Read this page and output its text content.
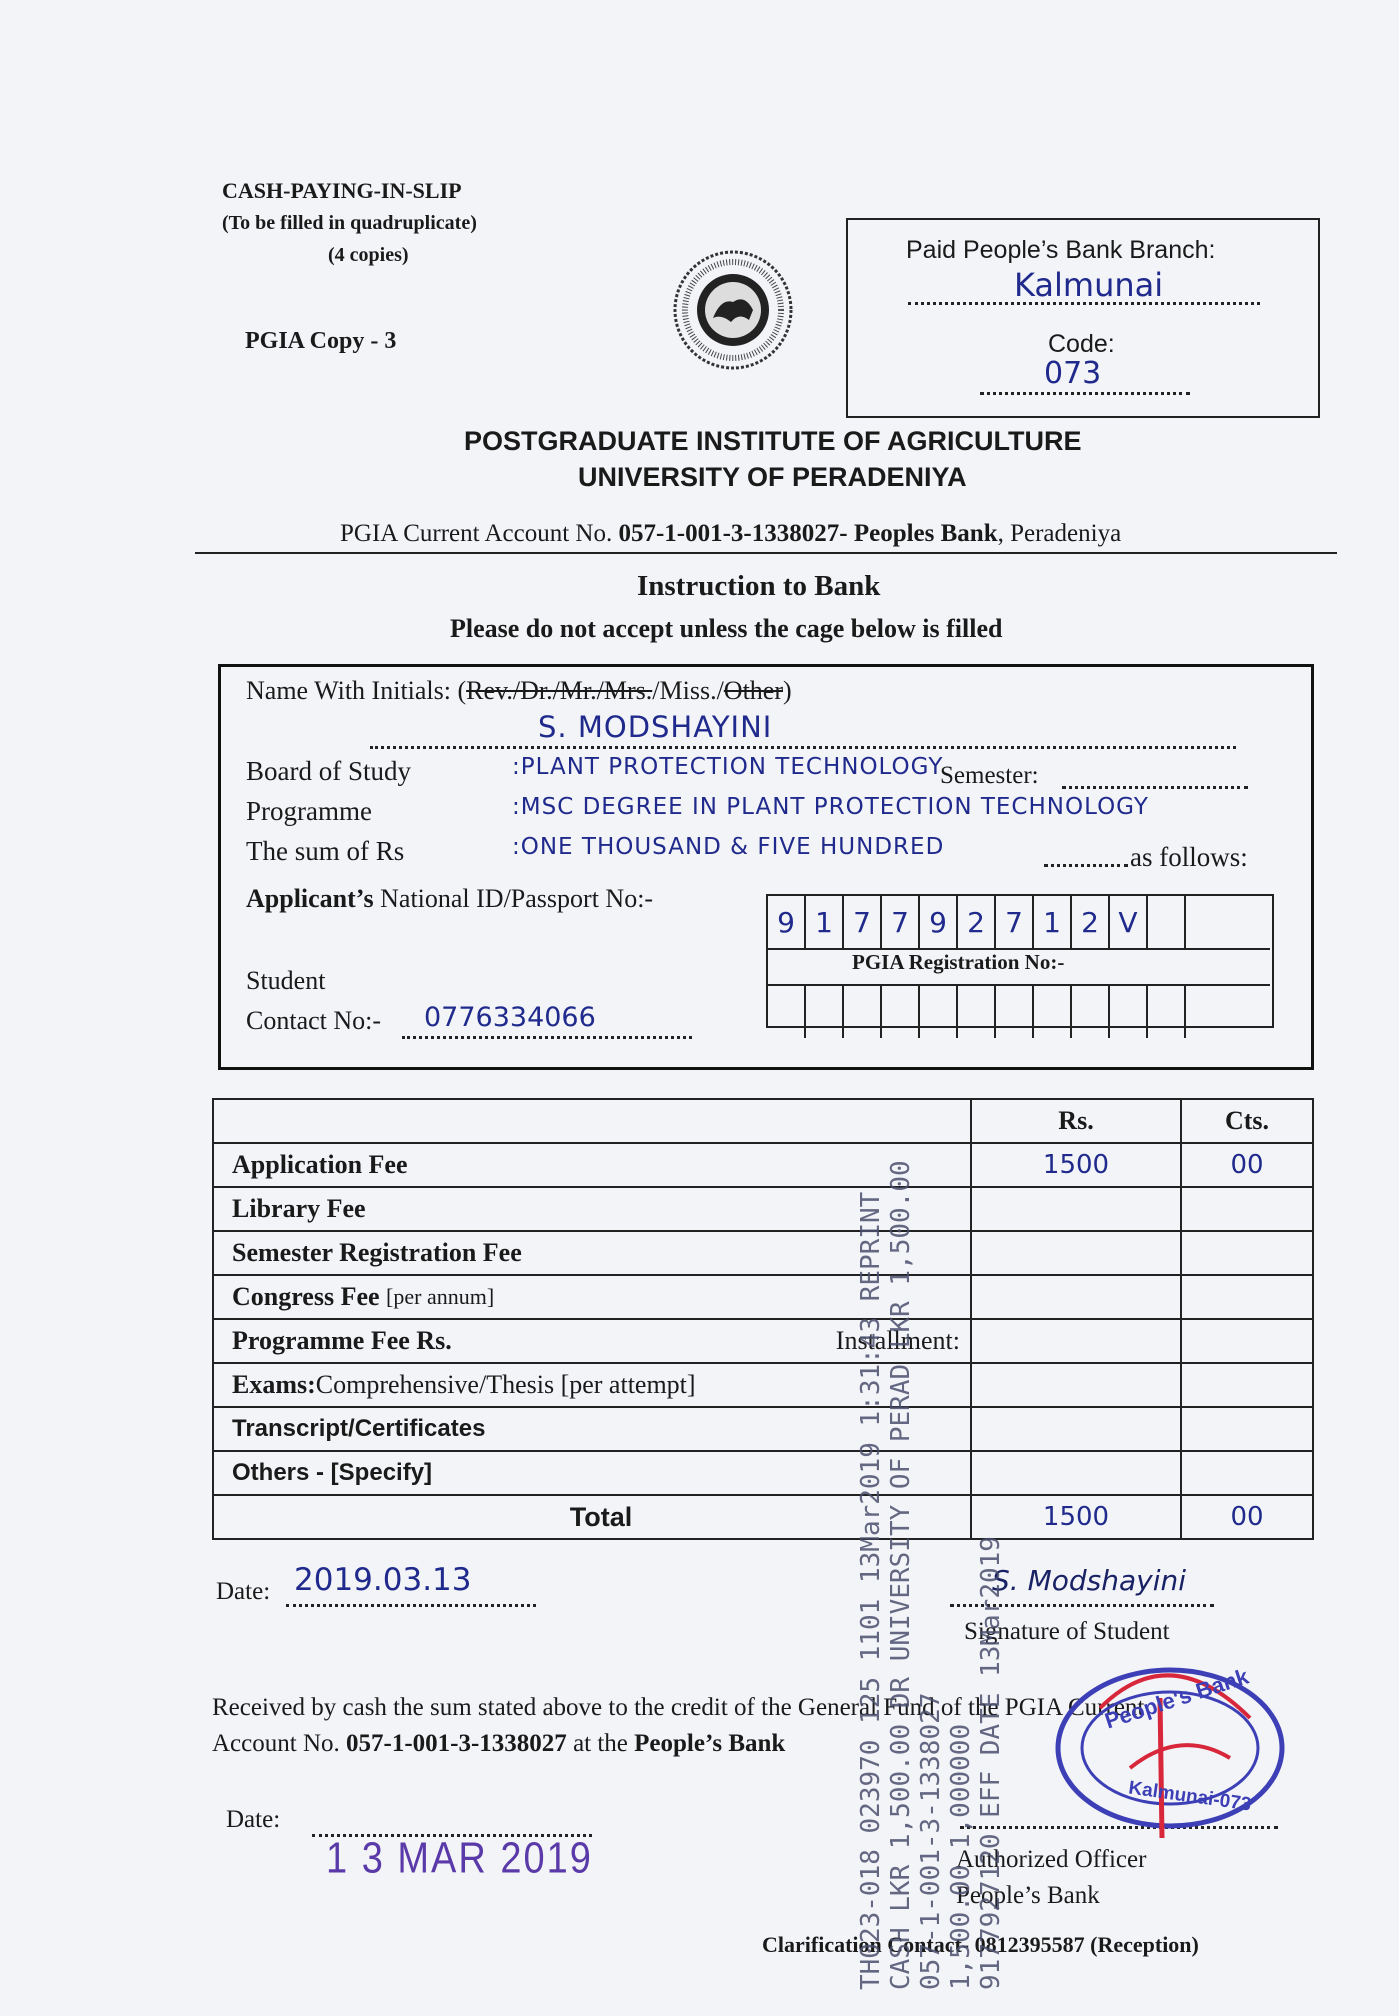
CASH-PAYING-IN-SLIP
(To be filled in quadruplicate)
(4 copies)
PGIA Copy - 3
Paid People’s Bank Branch:
Kalmunai
Code:
073
POSTGRADUATE INSTITUTE OF AGRICULTURE
UNIVERSITY OF PERADENIYA
PGIA Current Account No. 057-1-001-3-1338027- Peoples Bank, Peradeniya
Instruction to Bank
Please do not accept unless the cage below is filled
Name With Initials: (Rev./Dr./Mr./Mrs./Miss./Other)
S. MODSHAYINI
Board of Study	:PLANT PROTECTION TECHNOLOGY
Semester:
Programme	:MSC DEGREE IN PLANT PROTECTION TECHNOLOGY
The sum of Rs	:ONE THOUSAND & FIVE HUNDRED	as follows:
Applicant’s National ID/Passport No:-
9 1 7 7 9 2 7 1 2 V
PGIA Registration No:-
Student
Contact No:- 0776334066
Rs.	Cts.
Application Fee	1500	00
Library Fee
Semester Registration Fee
Congress Fee
[per annum]
Programme Fee Rs.	Installment:
Exams: Comprehensive/Thesis [per attempt]
Transcript/Certificates
Others - [Specify]
Total	1500	00
Date: 2019.03.13	S. Modshayini
Signature of Student
Received by cash the sum stated above to the credit of the General Fund of the PGIA Current
Account No. 057-1-001-3-1338027 at the People’s Bank
Date:
1 3 MAR 2019	Authorized Officer
People’s Bank
Clarification Contact- 0812395587 (Reception)
People's Bank
Kalmunai-073
TH023-018 023970 125 1101 13Mar2019 1:31:43 REPRINT CASH LKR 1,500.00 DR UNIVERSITY OF PERAD LKR 1,500.00 057-1-001-3-1338027 1,500.00 1,000000 9177927120 EFF DATE 13Mar2019
